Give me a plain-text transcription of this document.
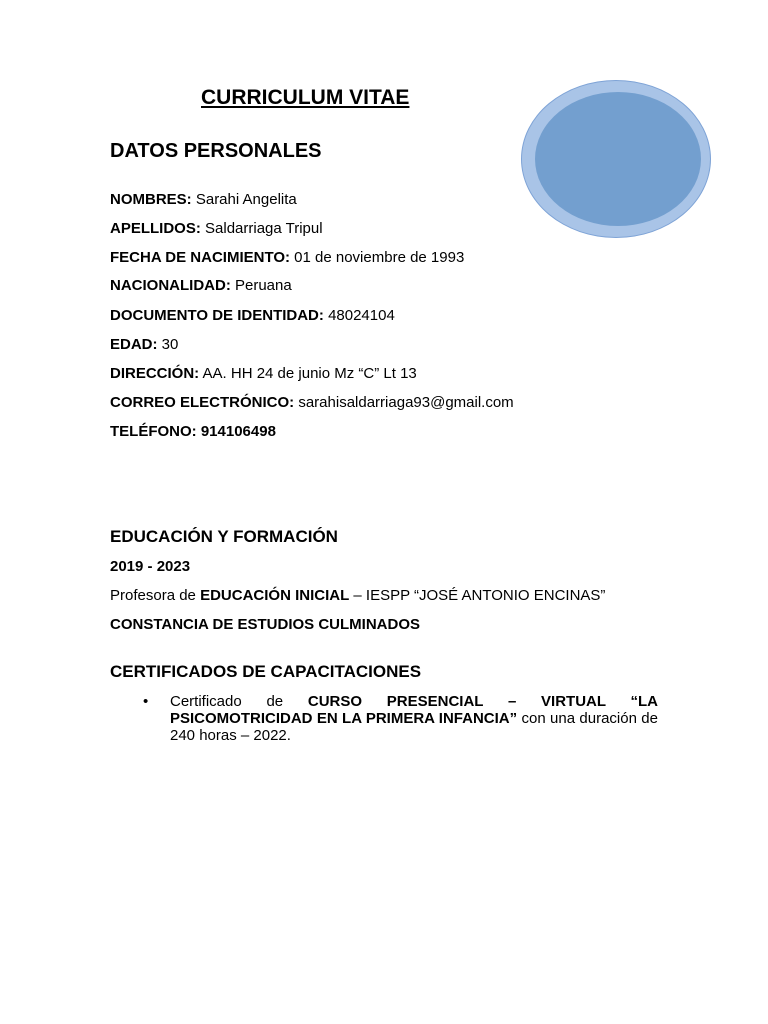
CURRICULUM VITAE
DATOS PERSONALES
NOMBRES: Sarahi Angelita
APELLIDOS: Saldarriaga Tripul
FECHA DE NACIMIENTO: 01 de noviembre de 1993
NACIONALIDAD: Peruana
DOCUMENTO DE IDENTIDAD: 48024104
EDAD: 30
DIRECCIÓN: AA. HH 24 de junio Mz “C” Lt 13
CORREO ELECTRÓNICO: sarahisaldarriaga93@gmail.com
TELÉFONO: 914106498
EDUCACIÓN Y FORMACIÓN
2019 - 2023
Profesora de EDUCACIÓN INICIAL – IESPP “JOSÉ ANTONIO ENCINAS”
CONSTANCIA DE ESTUDIOS CULMINADOS
CERTIFICADOS DE CAPACITACIONES
• Certificado de CURSO PRESENCIAL – VIRTUAL “LA PSICOMOTRICIDAD EN LA PRIMERA INFANCIA” con una duración de 240 horas – 2022.
